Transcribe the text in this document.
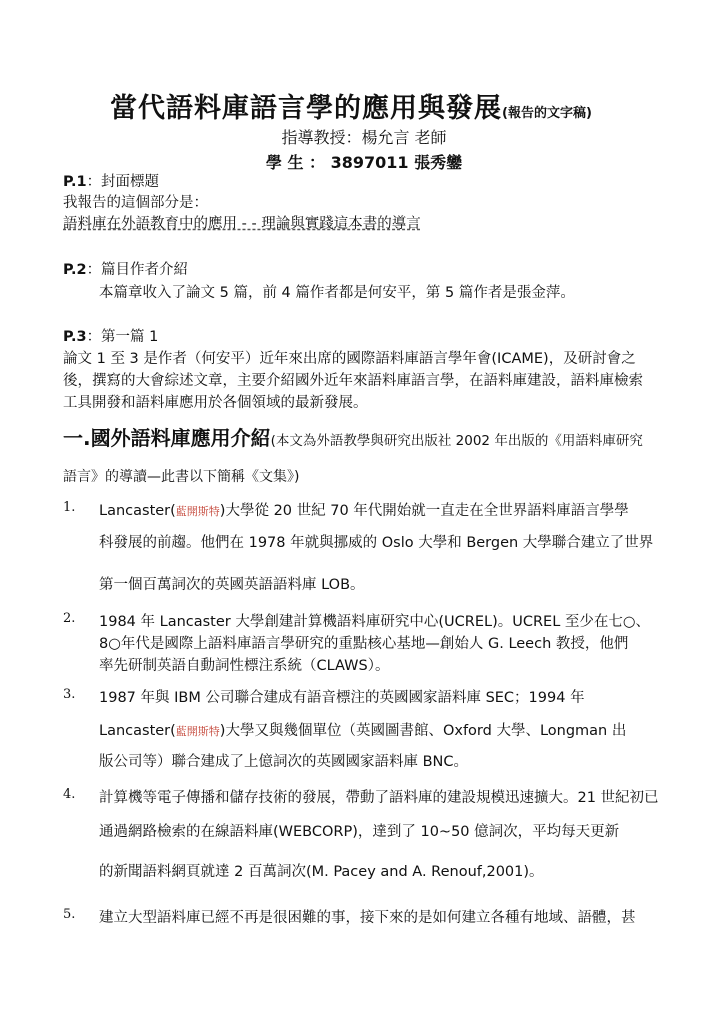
當代語料庫語言學的應用與發展(報告的文字稿)
指導教授：楊允言 老師
學 生 ： 3897011 張秀鑾
P.1：封面標題
我報告的這個部分是：
語料庫在外語教育中的應用 - - 理論與實踐這本書的導言
P.2：篇目作者介紹
本篇章收入了論文 5 篇，前 4 篇作者都是何安平，第 5 篇作者是張金萍。
P.3：第一篇 1
論文 1 至 3 是作者（何安平）近年來出席的國際語料庫語言學年會(ICAME)，及研討會之
後，撰寫的大會綜述文章，主要介紹國外近年來語料庫語言學，在語料庫建設，語料庫檢索
工具開發和語料庫應用於各個領域的最新發展。
一.國外語料庫應用介紹(本文為外語教學與研究出版社 2002 年出版的《用語料庫研究
語言》的導讀—此書以下簡稱《文集》)
1. Lancaster(藍開斯特)大學從 20 世紀 70 年代開始就一直走在全世界語料庫語言學學
科發展的前趨。他們在 1978 年就與挪威的 Oslo 大學和 Bergen 大學聯合建立了世界
第一個百萬詞次的英國英語語料庫 LOB。
2. 1984 年 Lancaster 大學創建計算機語料庫研究中心(UCREL)。UCREL 至少在七○、
8○年代是國際上語料庫語言學研究的重點核心基地—創始人 G. Leech 教授，他們
率先研制英語自動詞性標注系統（CLAWS）。
3. 1987 年與 IBM 公司聯合建成有語音標注的英國國家語料庫 SEC；1994 年
Lancaster(藍開斯特)大學又與幾個單位（英國圖書館、Oxford 大學、Longman 出
版公司等）聯合建成了上億詞次的英國國家語料庫 BNC。
4. 計算機等電子傳播和儲存技術的發展，帶動了語料庫的建設規模迅速擴大。21 世紀初已
通過網路檢索的在線語料庫(WEBCORP)，達到了 10~50 億詞次，平均每天更新
的新聞語料網頁就達 2 百萬詞次(M. Pacey and A. Renouf,2001)。
5. 建立大型語料庫已經不再是很困難的事，接下來的是如何建立各種有地域、語體，甚
